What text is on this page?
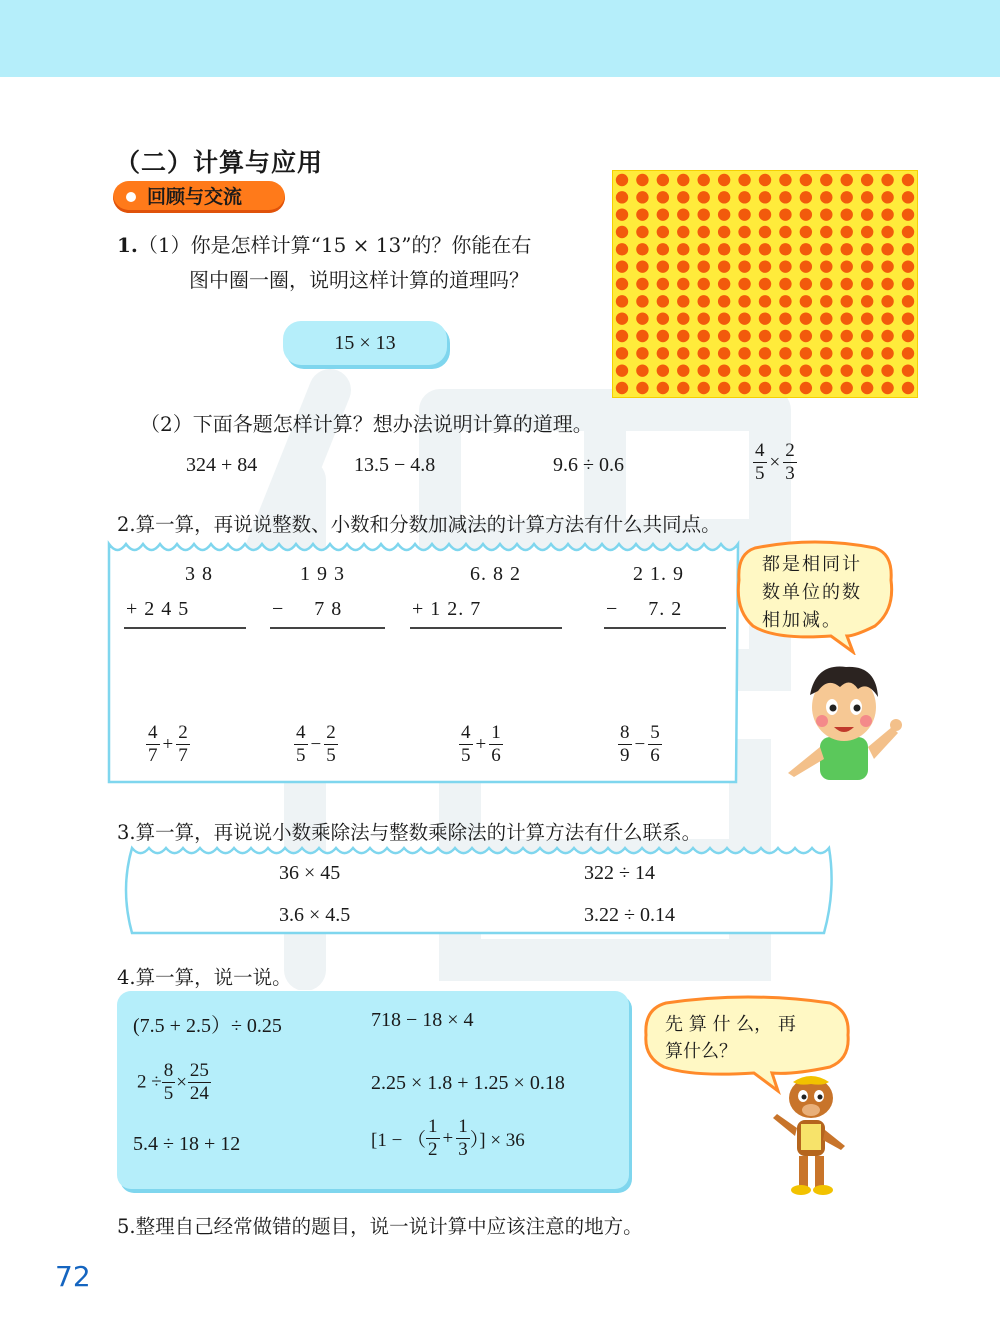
（二）计算与应用
回顾与交流
1.（1）你是怎样计算“15 × 13”的？你能在右
图中圈一圈，说明这样计算的道理吗？
15 × 13
（2）下面各题怎样计算？想办法说明计算的道理。
324 + 84	13.5 − 4.8	9.6 ÷ 0.6	$\frac{4}{5} \times \frac{2}{3}$
2.算一算，再说说整数、小数和分数加减法的计算方法有什么共同点。
3 8
+ 2 4 5
1 9 3
−     7 8
6. 8 2
+ 1 2. 7
2 1. 9
−     7. 2
$\frac{4}{7} + \frac{2}{7}$	$\frac{4}{5} - \frac{2}{5}$	$\frac{4}{5} + \frac{1}{6}$	$\frac{8}{9} - \frac{5}{6}$
都是相同计
数单位的数
相加减。
3.算一算，再说说小数乘除法与整数乘除法的计算方法有什么联系。
36 × 45	322 ÷ 14
3.6 × 4.5	3.22 ÷ 0.14
4.算一算，说一说。
(7.5 + 2.5）÷ 0.25	718 − 18 × 4
$2 \div \frac{8}{5} \times \frac{25}{24}$	2.25 × 1.8 + 1.25 × 0.18
5.4 ÷ 18 + 12	[1 − （ $\frac{1}{2} + \frac{1}{3}$ ）] × 36
先 算 什 么， 再
算什么？
5.整理自己经常做错的题目，说一说计算中应该注意的地方。
72
